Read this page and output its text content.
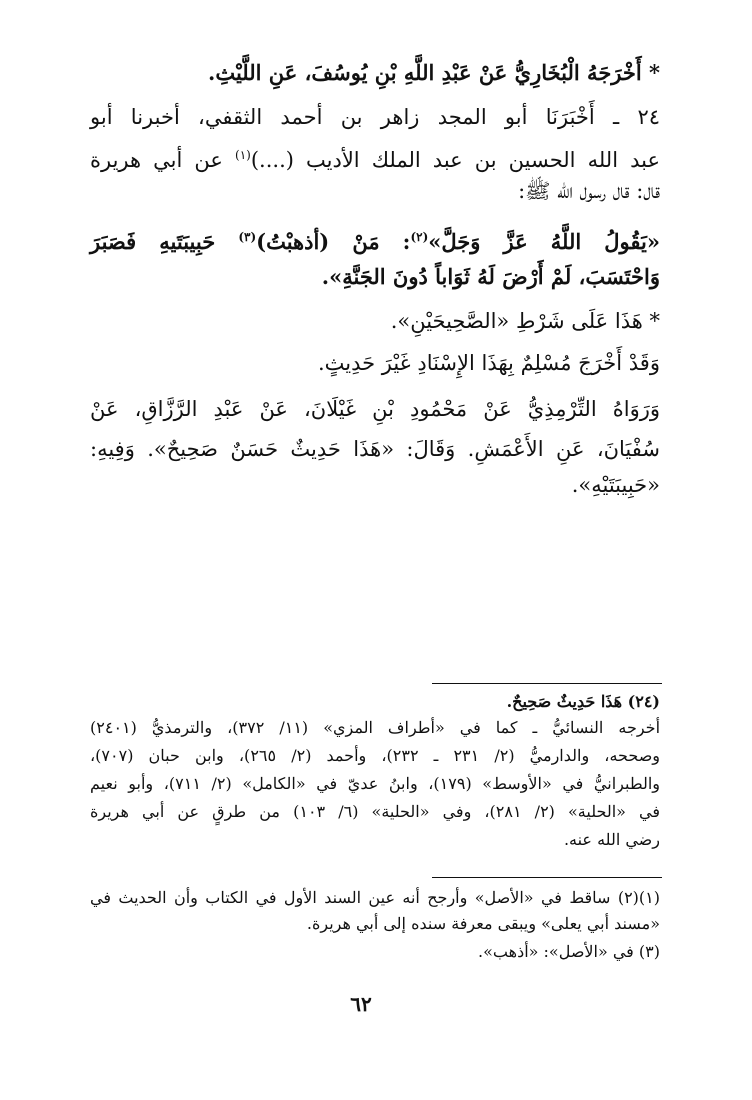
* أَخْرَجَهُ الْبُخَارِيُّ عَنْ عَبْدِ اللَّهِ بْنِ يُوسُفَ، عَنِ اللَّيْثِ.
٢٤ ـ أَخْبَرَنَا أبو المجد زاهر بن أحمد الثقفي، أخبرنا أبو
عبد الله الحسين بن عبد الملك الأديب (....)$^{(١)}$ عن أبي هريرة
قال: قال رسول الله ﷺ:
«يَقُولُ اللَّهُ عَزَّ وَجَلَّ»$^{(٢)}$: مَنْ (أذهبْتُ)$^{(٣)}$ حَبِيبَتَيهِ فَصَبَرَ
وَاحْتَسَبَ، لَمْ أَرْضَ لَهُ ثَوَاباً دُونَ الجَنَّةِ».
* هَذَا عَلَى شَرْطِ «الصَّحِيحَيْنِ».
وَقَدْ أَخْرَجَ مُسْلِمٌ بِهَذَا الإِسْنَادِ غَيْرَ حَدِيثٍ.
وَرَوَاهُ التِّرْمِذِيُّ عَنْ مَحْمُودِ بْنِ غَيْلَانَ، عَنْ عَبْدِ الرَّزَّاقِ، عَنْ
سُفْيَانَ، عَنِ الأَعْمَشِ. وَقَالَ: «هَذَا حَدِيثٌ حَسَنٌ صَحِيحٌ». وَفِيهِ:
«حَبِيبَتَيْهِ».
(٢٤) هَذَا حَدِيثٌ صَحِيحٌ.
أخرجه النسائيُّ ـ كما في «أطراف المزي» (١١/ ٣٧٢)، والترمذيُّ (٢٤٠١)
وصححه، والدارميُّ (٢/ ٢٣١ ـ ٢٣٢)، وأحمد (٢/ ٢٦٥)، وابن حبان (٧٠٧)،
والطبرانيُّ في «الأوسط» (١٧٩)، وابنُ عديّ في «الكامل» (٢/ ٧١١)، وأبو نعيم
في «الحلية» (٢/ ٢٨١)، وفي «الحلية» (٦/ ١٠٣) من طرقٍ عن أبي هريرة
رضي الله عنه.
(١)(٢) ساقط في «الأصل» وأرجح أنه عين السند الأول في الكتاب وأن الحديث في
«مسند أبي يعلى» ويبقى معرفة سنده إلى أبي هريرة.
(٣) في «الأصل»: «أذهب».
٦٢
